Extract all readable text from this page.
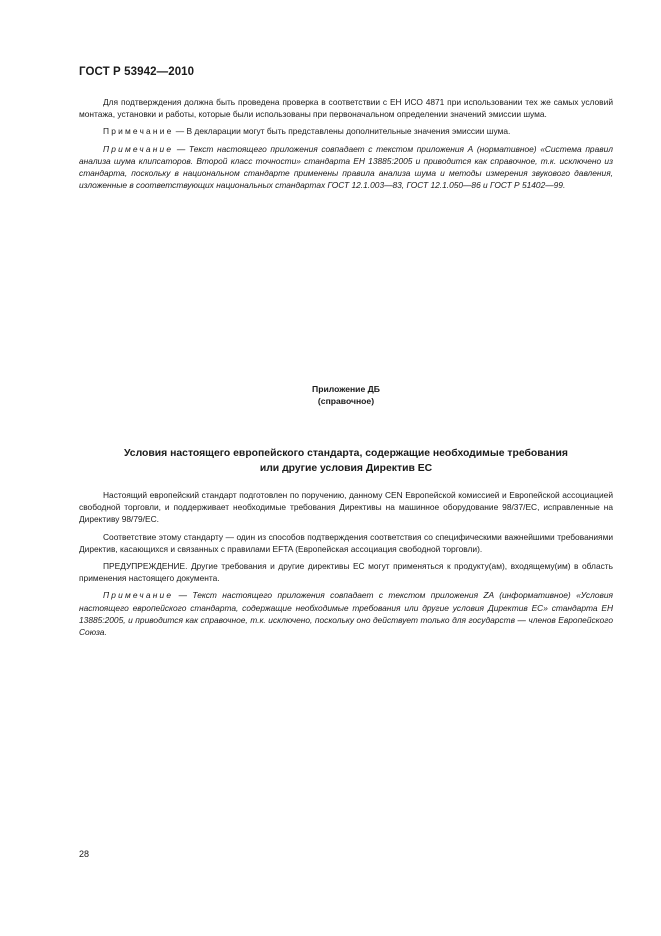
ГОСТ Р 53942—2010

Для подтверждения должна быть проведена проверка в соответствии с ЕН ИСО 4871 при использовании тех же самых условий монтажа, установки и работы, которые были использованы при первоначальном определении значений эмиссии шума.

Примечание — В декларации могут быть представлены дополнительные значения эмиссии шума.

Примечание — Текст настоящего приложения совпадает с текстом приложения А (нормативное) «Система правил анализа шума клипсаторов. Второй класс точности» стандарта ЕН 13885:2005 и приводится как справочное, т.к. исключено из стандарта, поскольку в национальном стандарте применены правила анализа шума и методы измерения звукового давления, изложенные в соответствующих национальных стандартах ГОСТ 12.1.003—83, ГОСТ 12.1.050—86 и ГОСТ Р 51402—99.

Приложение ДБ
(справочное)
Условия настоящего европейского стандарта, содержащие необходимые требования
или другие условия Директив ЕС

Настоящий европейский стандарт подготовлен по поручению, данному CEN Европейской комиссией и Европейской ассоциацией свободной торговли, и поддерживает необходимые требования Директивы на машинное оборудование 98/37/ЕС, исправленные на Директиву 98/79/ЕС.

Соответствие этому стандарту — один из способов подтверждения соответствия со специфическими важнейшими требованиями Директив, касающихся и связанных с правилами EFTA (Европейская ассоциация свободной торговли).

ПРЕДУПРЕЖДЕНИЕ. Другие требования и другие директивы ЕС могут применяться к продукту(ам), входящему(им) в область применения настоящего документа.

Примечание — Текст настоящего приложения совпадает с текстом приложения ZA (информативное) «Условия настоящего европейского стандарта, содержащие необходимые требования или другие условия Директив ЕС» стандарта ЕН 13885:2005, и приводится как справочное, т.к. исключено, поскольку оно действует только для государств — членов Европейского Союза.

28
